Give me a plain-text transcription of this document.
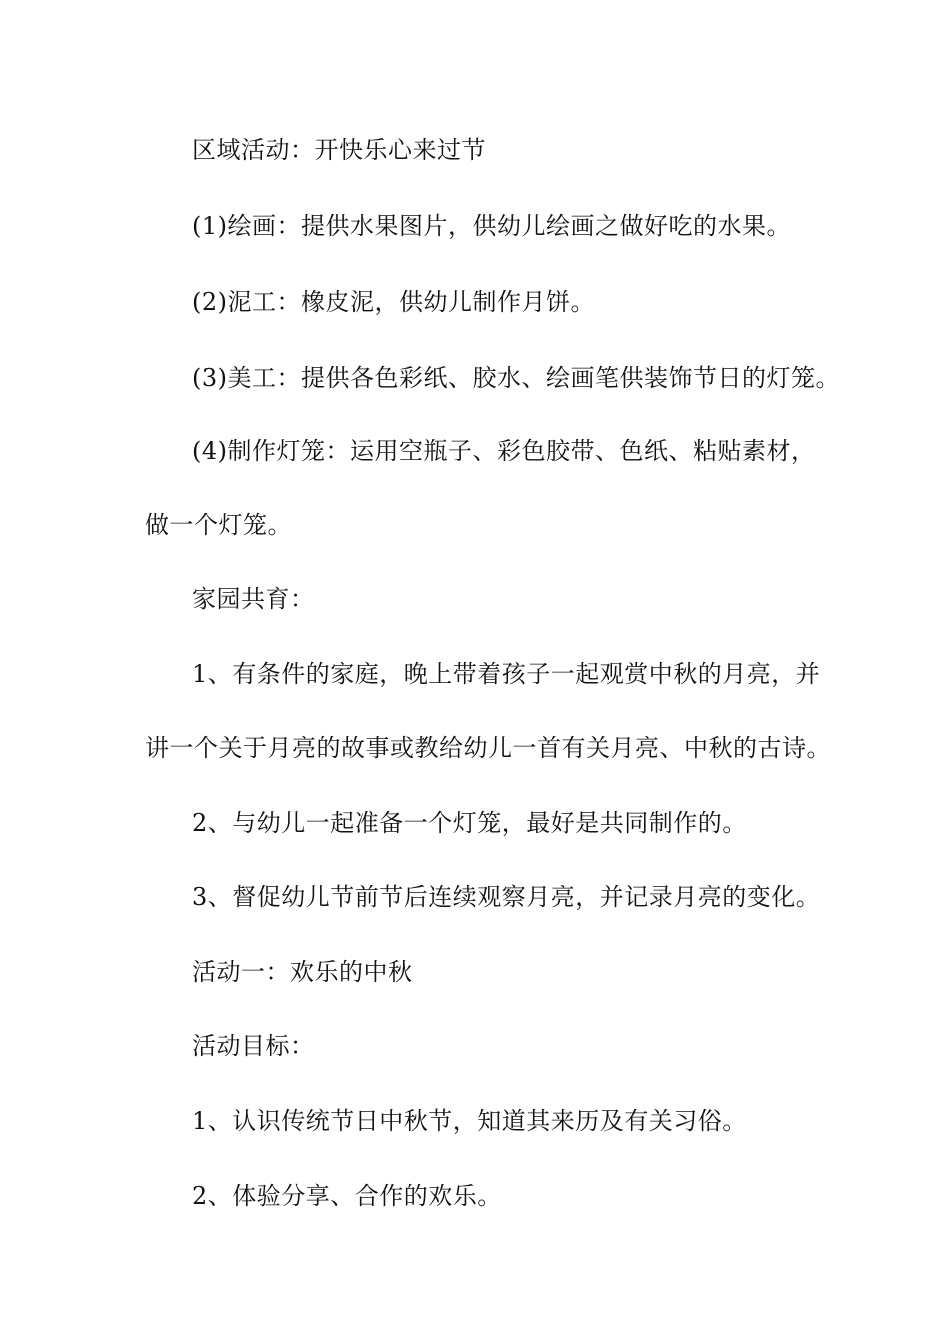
区域活动：开快乐心来过节
(1)绘画：提供水果图片，供幼儿绘画之做好吃的水果。
(2)泥工：橡皮泥，供幼儿制作月饼。
(3)美工：提供各色彩纸、胶水、绘画笔供装饰节日的灯笼。
(4)制作灯笼：运用空瓶子、彩色胶带、色纸、粘贴素材，
做一个灯笼。
家园共育：
1、有条件的家庭，晚上带着孩子一起观赏中秋的月亮，并
讲一个关于月亮的故事或教给幼儿一首有关月亮、中秋的古诗。
2、与幼儿一起准备一个灯笼，最好是共同制作的。
3、督促幼儿节前节后连续观察月亮，并记录月亮的变化。
活动一：欢乐的中秋
活动目标：
1、认识传统节日中秋节，知道其来历及有关习俗。
2、体验分享、合作的欢乐。
